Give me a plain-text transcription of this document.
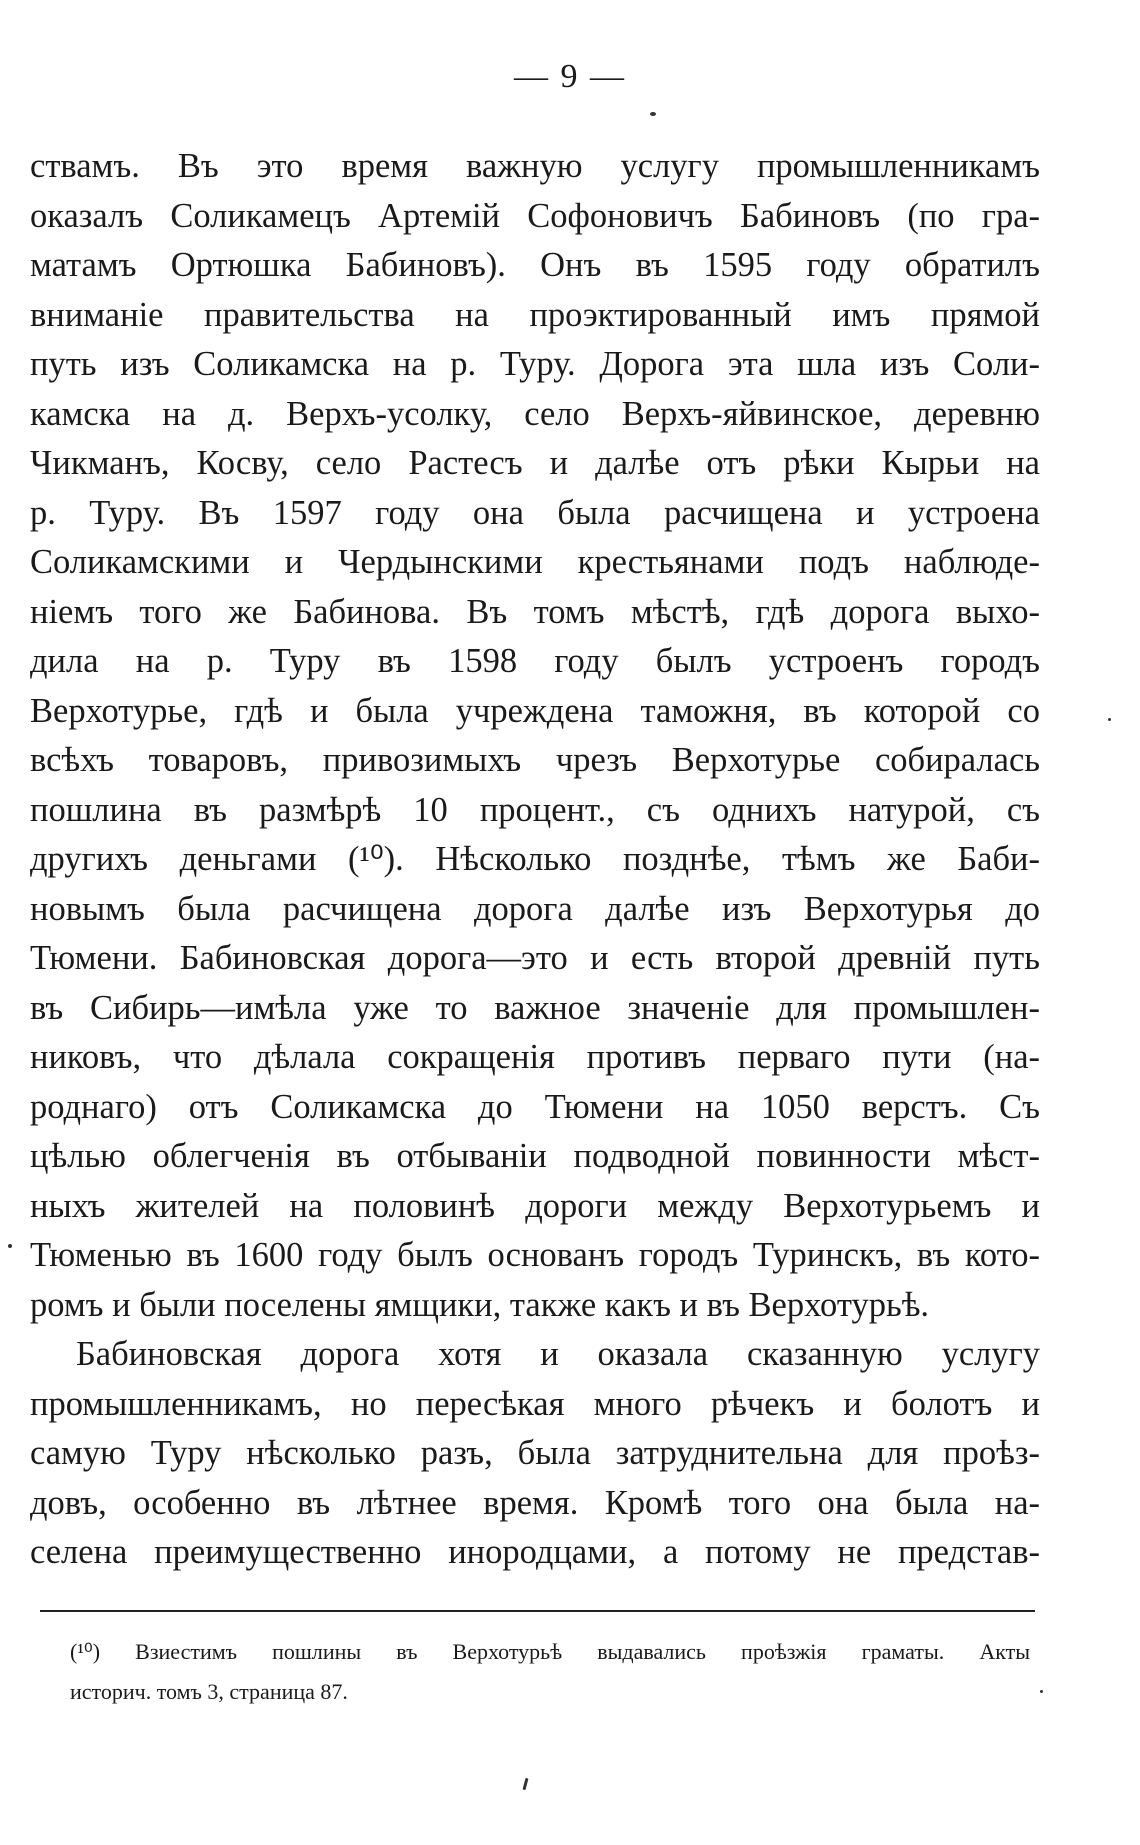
— 9 —
ствамъ. Въ это время важную услугу промышленникамъ
оказалъ Соликамецъ Артемій Софоновичъ Бабиновъ (по гра-
матамъ Ортюшка Бабиновъ). Онъ въ 1595 году обратилъ
вниманіе правительства на проэктированный имъ прямой
путь изъ Соликамска на р. Туру. Дорога эта шла изъ Соли-
камска на д. Верхъ-усолку, село Верхъ-яйвинское, деревню
Чикманъ, Косву, село Растесъ и далѣе отъ рѣки Кырьи на
р. Туру. Въ 1597 году она была расчищена и устроена
Соликамскими и Чердынскими крестьянами подъ наблюде-
ніемъ того же Бабинова. Въ томъ мѣстѣ, гдѣ дорога выхо-
дила на р. Туру въ 1598 году былъ устроенъ городъ
Верхотурье, гдѣ и была учреждена таможня, въ которой со
всѣхъ товаровъ, привозимыхъ чрезъ Верхотурье собиралась
пошлина въ размѣрѣ 10 процент., съ однихъ натурой, съ
другихъ деньгами (¹⁰). Нѣсколько позднѣе, тѣмъ же Баби-
новымъ была расчищена дорога далѣе изъ Верхотурья до
Тюмени. Бабиновская дорога—это и есть второй древній путь
въ Сибирь—имѣла уже то важное значеніе для промышлен-
никовъ, что дѣлала сокращенія противъ перваго пути (на-
роднаго) отъ Соликамска до Тюмени на 1050 верстъ. Съ
цѣлью облегченія въ отбываніи подводной повинности мѣст-
ныхъ жителей на половинѣ дороги между Верхотурьемъ и
Тюменью въ 1600 году былъ основанъ городъ Туринскъ, въ кото-
ромъ и были поселены ямщики, также какъ и въ Верхотурьѣ.
Бабиновская дорога хотя и оказала сказанную услугу
промышленникамъ, но пересѣкая много рѣчекъ и болотъ и
самую Туру нѣсколько разъ, была затруднительна для проѣз-
довъ, особенно въ лѣтнее время. Кромѣ того она была на-
селена преимущественно инородцами, а потому не представ-
(¹⁰) Взиестимъ пошлины въ Верхотурьѣ выдавались проѣзжія граматы. Акты
историч. томъ 3, страница 87.
